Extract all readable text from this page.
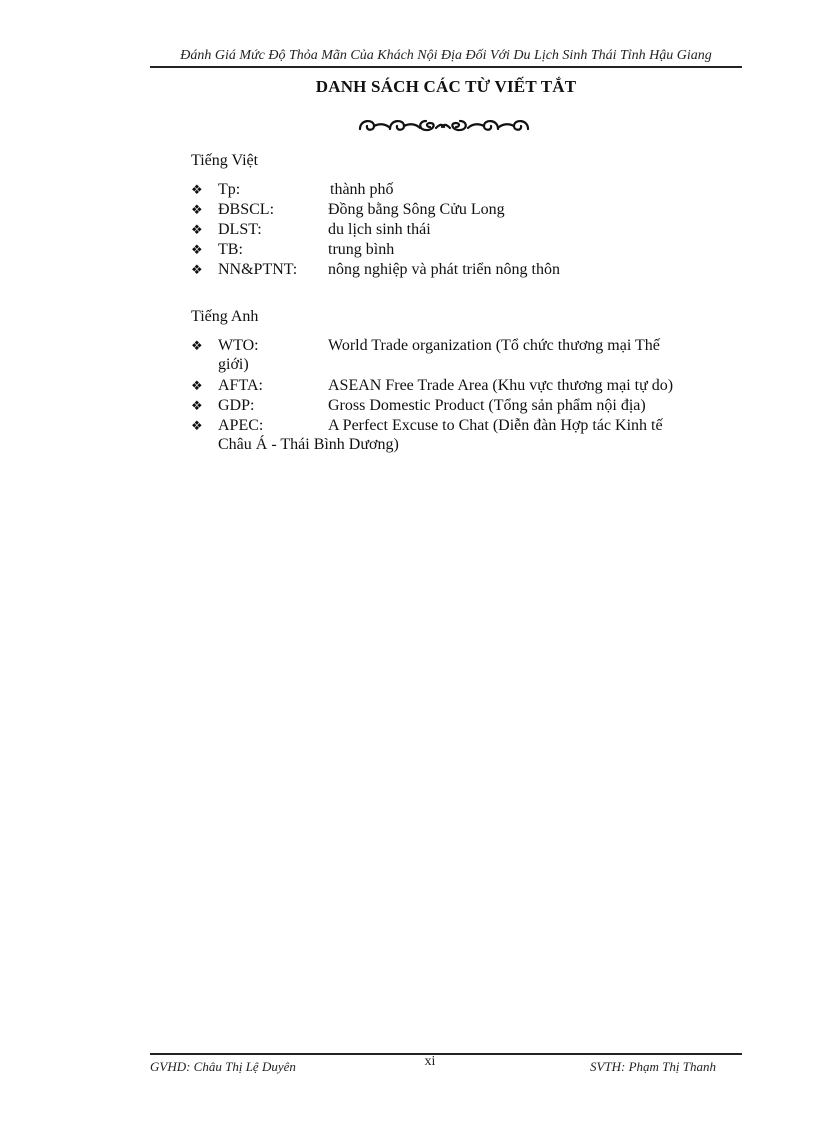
Đánh Giá Mức Độ Thỏa Mãn Của Khách Nội Địa Đối Với Du Lịch Sinh Thái Tỉnh Hậu Giang
DANH SÁCH CÁC TỪ VIẾT TẮT
Tiếng Việt
❖ Tp:	thành phố
❖ ĐBSCL:	Đồng bằng Sông Cửu Long
❖ DLST:	du lịch sinh thái
❖ TB:	trung bình
❖ NN&PTNT: nông nghiệp và phát triển nông thôn
Tiếng Anh
❖ WTO:	World Trade organization (Tổ chức thương mại Thế
giới)
❖ AFTA:	ASEAN Free Trade Area (Khu vực thương mại tự do)
❖ GDP:	Gross Domestic Product (Tổng sản phẩm nội địa)
❖ APEC:	A Perfect Excuse to Chat (Diễn đàn Hợp tác Kinh tế
Châu Á - Thái Bình Dương)
GVHD: Châu Thị Lệ Duyên	xi	SVTH: Phạm Thị Thanh
